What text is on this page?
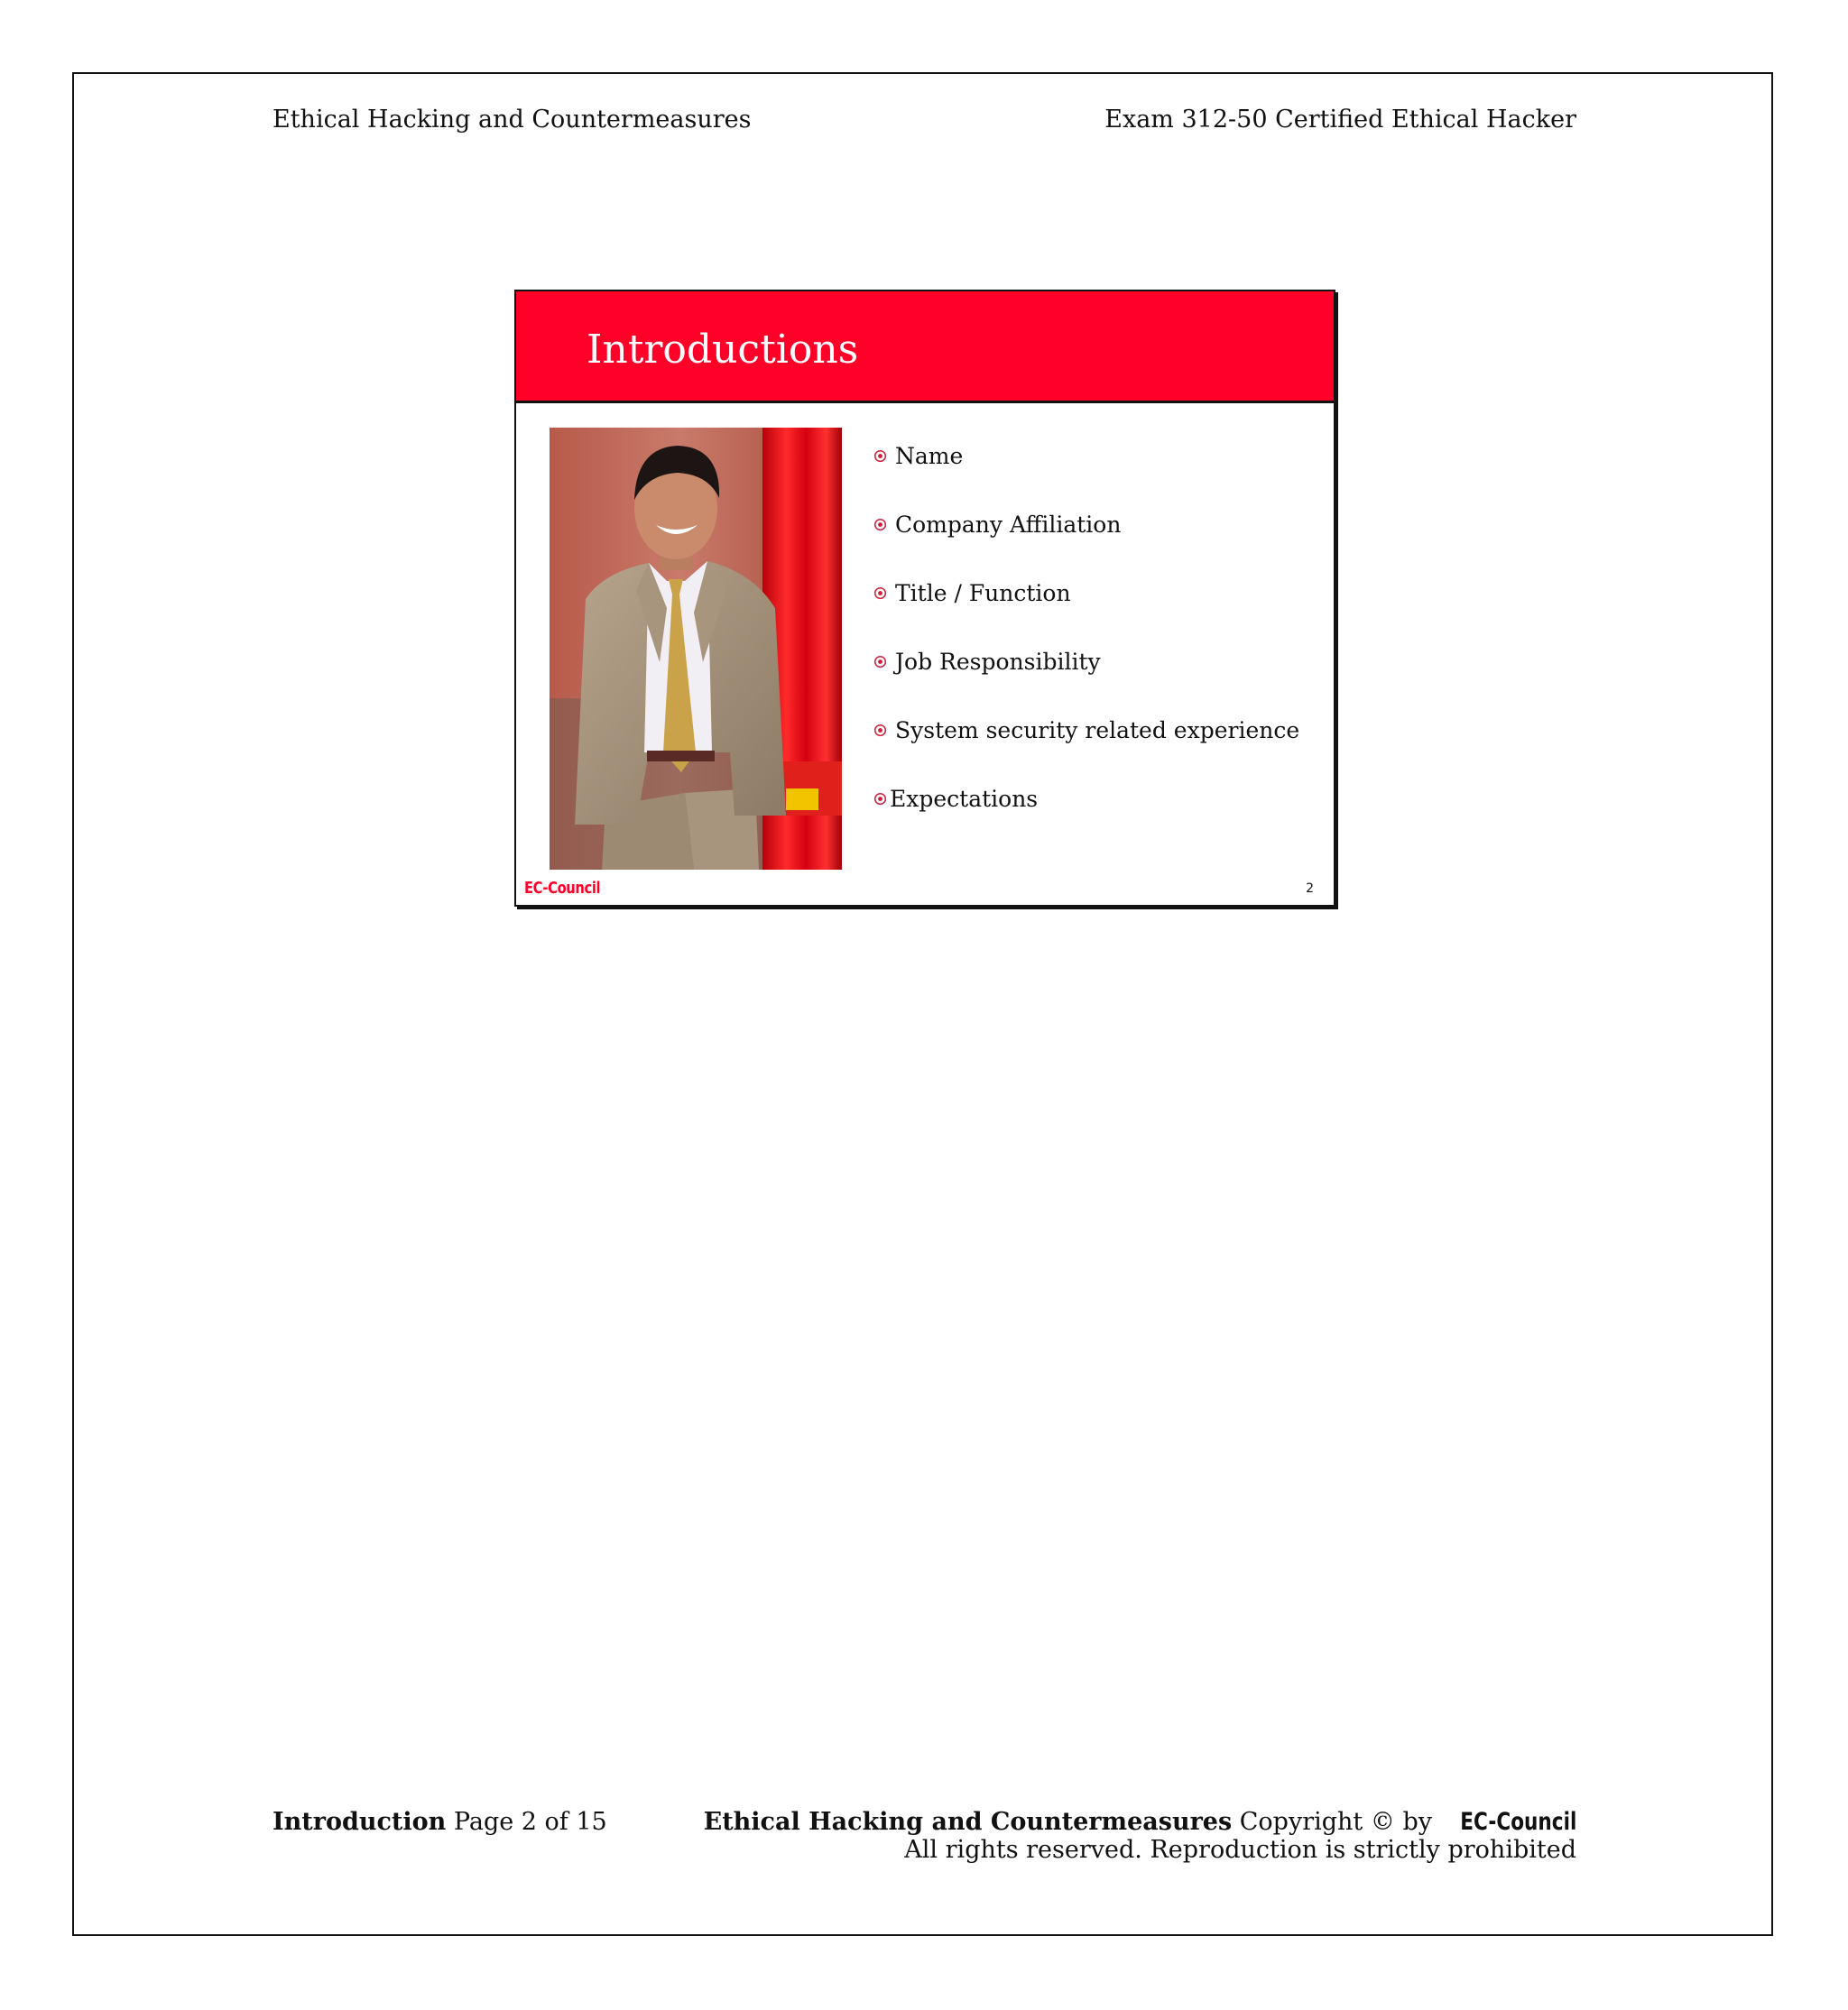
Ethical Hacking and Countermeasures	Exam 312-50 Certified Ethical Hacker
Introductions
Name
Company Affiliation
Title / Function
Job Responsibility
System security related experience
Expectations
EC-Council	2
Introduction Page 2 of 15	Ethical Hacking and Countermeasures Copyright © by EC-Council
All rights reserved. Reproduction is strictly prohibited
